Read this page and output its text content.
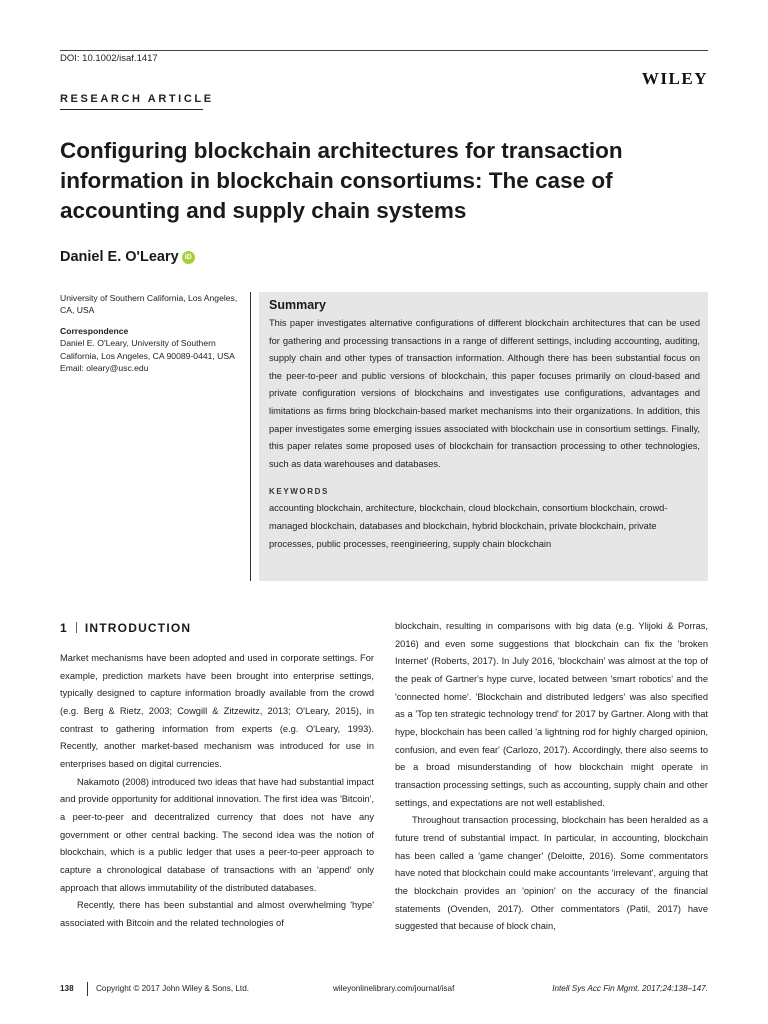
DOI: 10.1002/isaf.1417
WILEY
RESEARCH ARTICLE
Configuring blockchain architectures for transaction information in blockchain consortiums: The case of accounting and supply chain systems
Daniel E. O'Leary iD

University of Southern California, Los Angeles, CA, USA

Correspondence

Daniel E. O'Leary, University of Southern

California, Los Angeles, CA 90089-0441, USA

Email: oleary@usc.edu

Summary

This paper investigates alternative configurations of different blockchain architectures that can be used for gathering and processing transactions in a range of different settings, including accounting, auditing, supply chain and other types of transaction information. Although there has been substantial focus on the peer-to-peer and public versions of blockchain, this paper focuses primarily on cloud-based and private configuration versions of blockchains and investigates use configurations, advantages and limitations as firms bring blockchain-based market mechanisms into their organizations. In addition, this paper investigates some emerging issues associated with blockchain use in consortium settings. Finally, this paper relates some proposed uses of blockchain for transaction processing to other technologies, such as data warehouses and databases.

KEYWORDS

accounting blockchain, architecture, blockchain, cloud blockchain, consortium blockchain, crowd-managed blockchain, databases and blockchain, hybrid blockchain, private blockchain, private processes, public processes, reengineering, supply chain blockchain

1 INTRODUCTION

Market mechanisms have been adopted and used in corporate settings. For example, prediction markets have been brought into enterprise settings, typically designed to capture information broadly available from the crowd (e.g. Berg & Rietz, 2003; Cowgill & Zitzewitz, 2013; O'Leary, 2015), in contrast to gathering information from experts (e.g. O'Leary, 1993). Recently, another market-based mechanism was introduced for use in enterprises based on digital currencies.

Nakamoto (2008) introduced two ideas that have had substantial impact and provide opportunity for additional innovation. The first idea was 'Bitcoin', a peer-to-peer and decentralized currency that does not have any government or other central backing. The second idea was the notion of blockchain, which is a public ledger that uses a peer-to-peer approach to capture a chronological database of transactions with an 'append' only approach that allows immutability of the distributed databases.

Recently, there has been substantial and almost overwhelming 'hype' associated with Bitcoin and the related technologies of

blockchain, resulting in comparisons with big data (e.g. Ylijoki & Porras, 2016) and even some suggestions that blockchain can fix the 'broken Internet' (Roberts, 2017). In July 2016, 'blockchain' was almost at the top of the peak of Gartner's hype curve, located between 'smart robotics' and the 'connected home'. 'Blockchain and distributed ledgers' was also specified as a 'Top ten strategic technology trend' for 2017 by Gartner. Along with that hype, blockchain has been called 'a lightning rod for highly charged opinion, confusion, and even fear' (Carlozo, 2017). Accordingly, there also seems to be a broad misunderstanding of how blockchain might operate in transaction processing settings, such as accounting, supply chain and other settings, and expectations are not well established.

Throughout transaction processing, blockchain has been heralded as a future trend of substantial impact. In particular, in accounting, blockchain has been called a 'game changer' (Deloitte, 2016). Some commentators have noted that blockchain could make accountants 'irrelevant', arguing that the blockchain provides an 'opinion' on the accuracy of the financial statements (Ovenden, 2017). Other commentators (Patil, 2017) have suggested that because of block chain,

138	Copyright © 2017 John Wiley & Sons, Ltd.	wileyonlinelibrary.com/journal/isaf	Intell Sys Acc Fin Mgmt. 2017;24:138–147.
